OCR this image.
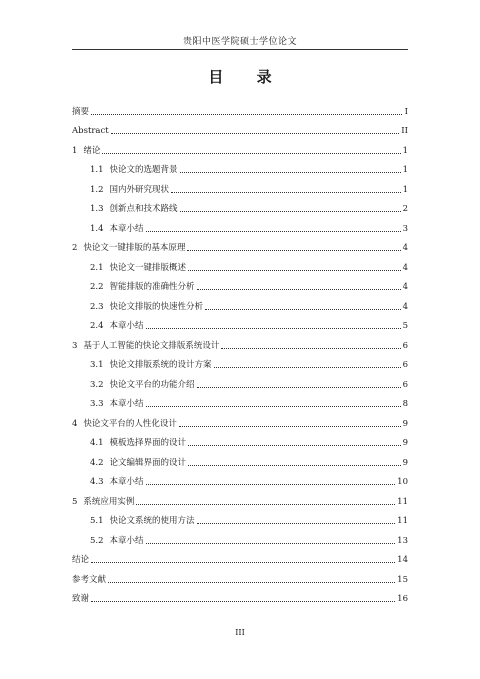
贵阳中医学院硕士学位论文
目 录
摘要	I
Abstract	II
1 绪论	1
1.1 快论文的选题背景	1
1.2 国内外研究现状	1
1.3 创新点和技术路线	2
1.4 本章小结	3
2 快论文一键排版的基本原理	4
2.1 快论文一键排版概述	4
2.2 智能排版的准确性分析	4
2.3 快论文排版的快速性分析	4
2.4 本章小结	5
3 基于人工智能的快论文排版系统设计	6
3.1 快论文排版系统的设计方案	6
3.2 快论文平台的功能介绍	6
3.3 本章小结	8
4 快论文平台的人性化设计	9
4.1 模板选择界面的设计	9
4.2 论文编辑界面的设计	9
4.3 本章小结	10
5 系统应用实例	11
5.1 快论文系统的使用方法	11
5.2 本章小结	13
结论	14
参考文献	15
致谢	16
III
